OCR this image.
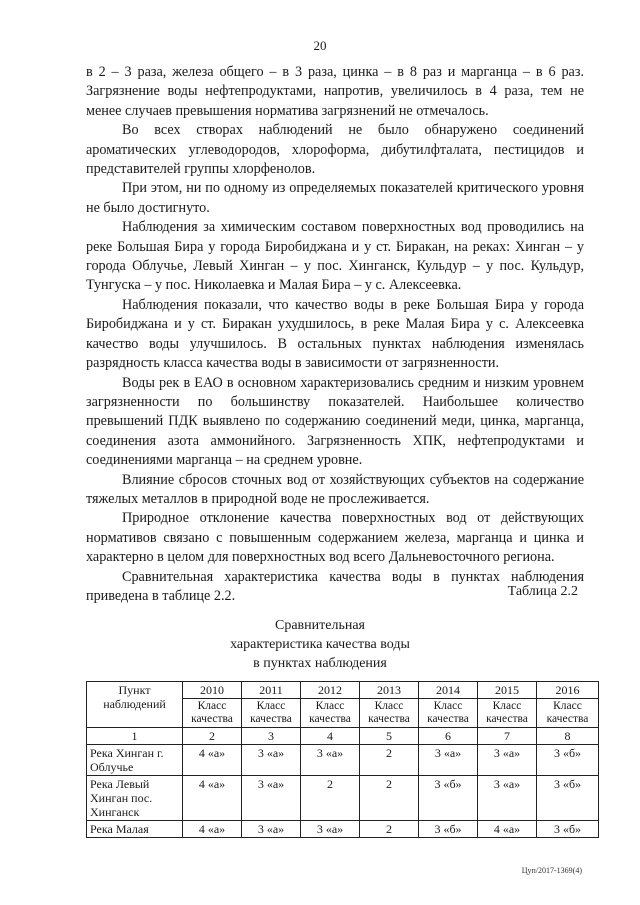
20

в 2 – 3 раза, железа общего – в 3 раза, цинка – в 8 раз и марганца – в 6 раз. Загрязнение воды нефтепродуктами, напротив, увеличилось в 4 раза, тем не менее случаев превышения норматива загрязнений не отмечалось.

Во всех створах наблюдений не было обнаружено соединений ароматических углеводородов, хлороформа, дибутилфталата, пестицидов и представителей группы хлорфенолов.

При этом, ни по одному из определяемых показателей критического уровня не было достигнуто.

Наблюдения за химическим составом поверхностных вод проводились на реке Большая Бира у города Биробиджана и у ст. Биракан, на реках: Хинган – у города Облучье, Левый Хинган – у пос. Хинганск, Кульдур – у пос. Кульдур, Тунгуска – у пос. Николаевка и Малая Бира – у с. Алексеевка.

Наблюдения показали, что качество воды в реке Большая Бира у города Биробиджана и у ст. Биракан ухудшилось, в реке Малая Бира у с. Алексеевка качество воды улучшилось. В остальных пунктах наблюдения изменялась разрядность класса качества воды в зависимости от загрязненности.

Воды рек в ЕАО в основном характеризовались средним и низким уровнем загрязненности по большинству показателей. Наибольшее количество превышений ПДК выявлено по содержанию соединений меди, цинка, марганца, соединения азота аммонийного. Загрязненность ХПК, нефтепродуктами и соединениями марганца – на среднем уровне.

Влияние сбросов сточных вод от хозяйствующих субъектов на содержание тяжелых металлов в природной воде не прослеживается.

Природное отклонение качества поверхностных вод от действующих нормативов связано с повышенным содержанием железа, марганца и цинка и характерно в целом для поверхностных вод всего Дальневосточного региона.

Сравнительная характеристика качества воды в пунктах наблюдения приведена в таблице 2.2.	Таблица 2.2
Сравнительная
характеристика качества воды
в пунктах наблюдения
Пункт наблюдений	2010	2011	2012	2013	2014	2015	2016
	Класс качества	Класс качества	Класс качества	Класс качества	Класс качества	Класс качества	Класс качества
1	2	3	4	5	6	7	8
Река Хинган г. Облучье	4 «а»	3 «а»	3 «а»	2	3 «а»	3 «а»	3 «б»
Река Левый Хинган пос. Хинганск	4 «а»	3 «а»	2	2	3 «б»	3 «а»	3 «б»
Река Малая	4 «а»	3 «а»	3 «а»	2	3 «б»	4 «а»	3 «б»
Цуп/2017-1369(4)
